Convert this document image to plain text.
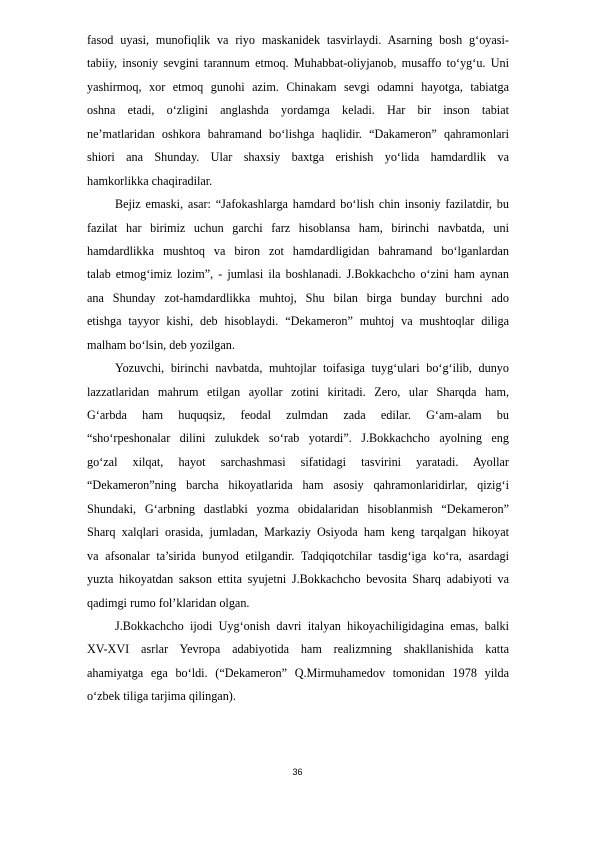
fasod uyasi, munofiqlik va riyo maskanidek tasvirlaydi. Asarning bosh g‘oyasi-
tabiiy, insoniy sevgini tarannum etmoq. Muhabbat-oliyjanob, musaffo to‘yg‘u. Uni
yashirmoq, xor etmoq gunohi azim. Chinakam sevgi odamni hayotga, tabiatga
oshna etadi, o‘zligini anglashda yordamga keladi. Har bir inson tabiat
ne’matlaridan oshkora bahramand bo‘lishga haqlidir. “Dakameron” qahramonlari
shiori ana Shunday. Ular shaxsiy baxtga erishish yo‘lida hamdardlik va
hamkorlikka chaqiradilar.
Bejiz emaski, asar: “Jafokashlarga hamdard bo‘lish chin insoniy fazilatdir, bu
fazilat har birimiz uchun garchi farz hisoblansa ham, birinchi navbatda, uni
hamdardlikka mushtoq va biron zot hamdardligidan bahramand bo‘lganlardan
talab etmog‘imiz lozim”, - jumlasi ila boshlanadi. J.Bokkachcho o‘zini ham aynan
ana Shunday zot-hamdardlikka muhtoj, Shu bilan birga bunday burchni ado
etishga tayyor kishi, deb hisoblaydi. “Dekameron” muhtoj va mushtoqlar diliga
malham bo‘lsin, deb yozilgan.
Yozuvchi, birinchi navbatda, muhtojlar toifasiga tuyg‘ulari bo‘g‘ilib, dunyo
lazzatlaridan mahrum etilgan ayollar zotini kiritadi. Zero, ular Sharqda ham,
G‘arbda ham huquqsiz, feodal zulmdan zada edilar. G‘am-alam bu
“sho‘rpeshonalar dilini zulukdek so‘rab yotardi”. J.Bokkachcho ayolning eng
go‘zal xilqat, hayot sarchashmasi sifatidagi tasvirini yaratadi. Ayollar
“Dekameron”ning barcha hikoyatlarida ham asosiy qahramonlaridirlar, qizig‘i
Shundaki, G‘arbning dastlabki yozma obidalaridan hisoblanmish “Dekameron”
Sharq xalqlari orasida, jumladan, Markaziy Osiyoda ham keng tarqalgan hikoyat
va afsonalar ta’sirida bunyod etilgandir. Tadqiqotchilar tasdig‘iga ko‘ra, asardagi
yuzta hikoyatdan sakson ettita syujetni J.Bokkachcho bevosita Sharq adabiyoti va
qadimgi rumo fol’klaridan olgan.
J.Bokkachcho ijodi Uyg‘onish davri italyan hikoyachiligidagina emas, balki
XV-XVI asrlar Yevropa adabiyotida ham realizmning shakllanishida katta
ahamiyatga ega bo‘ldi. (“Dekameron” Q.Mirmuhamedov tomonidan 1978 yilda
o‘zbek tiliga tarjima qilingan).
36
